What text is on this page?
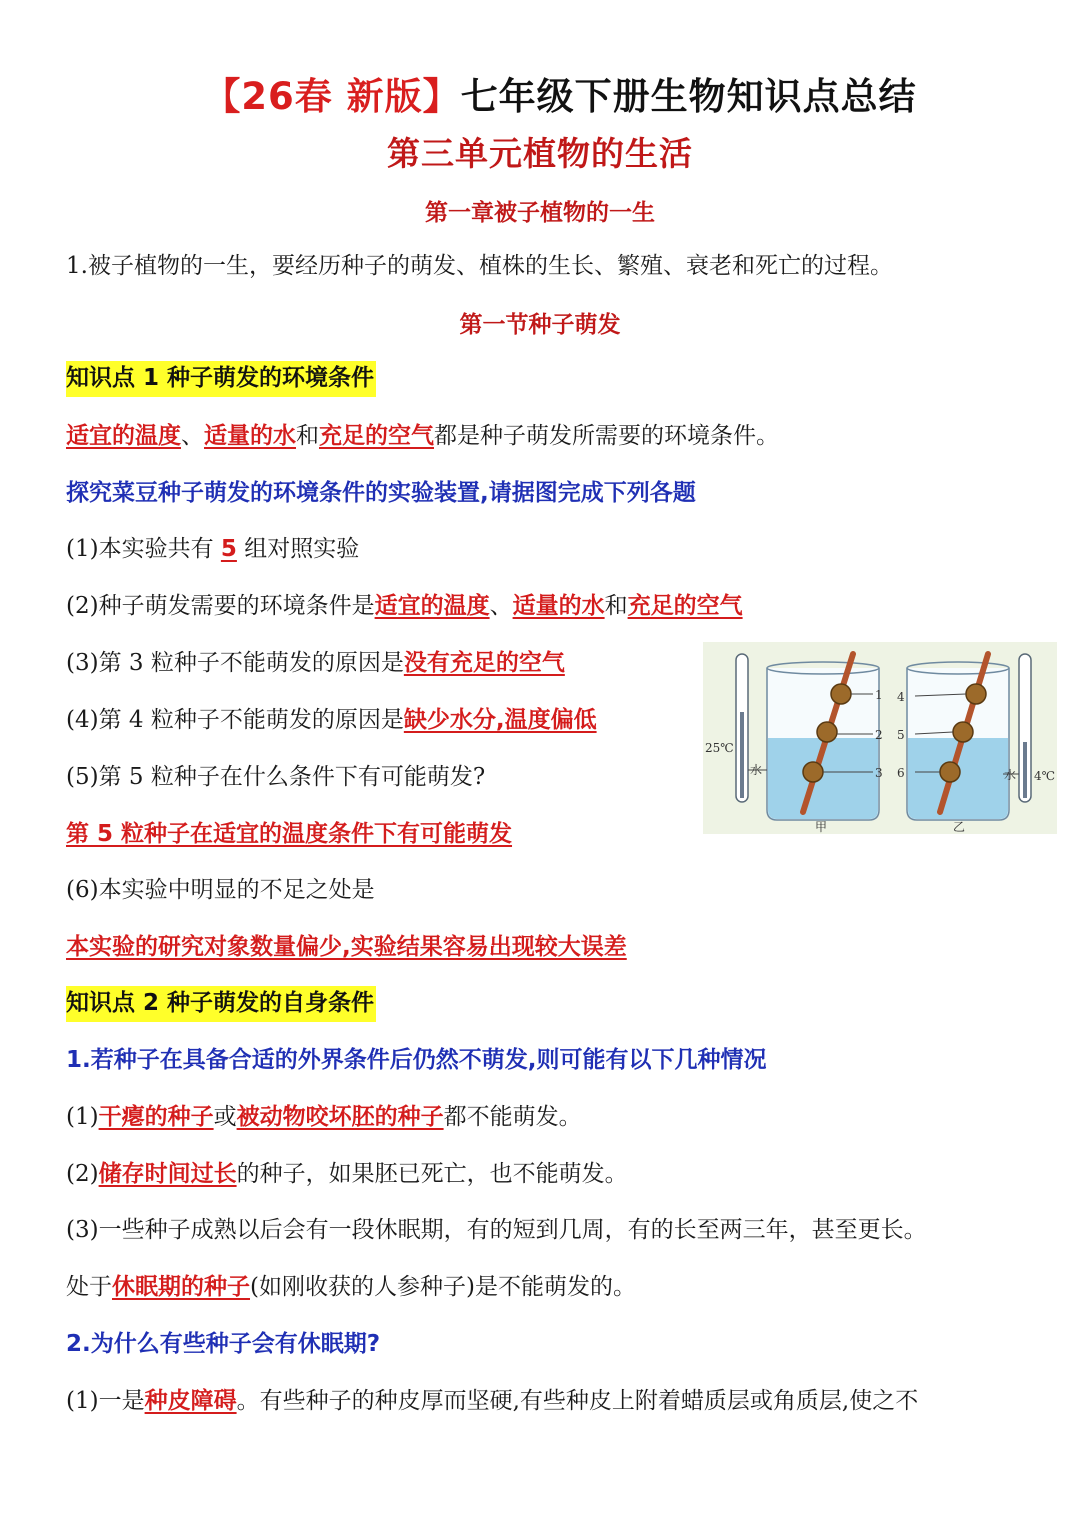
【26春 新版】七年级下册生物知识点总结
第三单元植物的生活
第一章被子植物的一生
1.被子植物的一生，要经历种子的萌发、植株的生长、繁殖、衰老和死亡的过程。
第一节种子萌发
知识点 1 种子萌发的环境条件
适宜的温度、适量的水和充足的空气都是种子萌发所需要的环境条件。
探究菜豆种子萌发的环境条件的实验装置,请据图完成下列各题
(1)本实验共有 5 组对照实验
(2)种子萌发需要的环境条件是适宜的温度、适量的水和充足的空气
(3)第 3 粒种子不能萌发的原因是没有充足的空气
(4)第 4 粒种子不能萌发的原因是缺少水分,温度偏低
(5)第 5 粒种子在什么条件下有可能萌发?
第 5 粒种子在适宜的温度条件下有可能萌发
(6)本实验中明显的不足之处是
本实验的研究对象数量偏少,实验结果容易出现较大误差
知识点 2 种子萌发的自身条件
1.若种子在具备合适的外界条件后仍然不萌发,则可能有以下几种情况
(1)干瘪的种子或被动物咬坏胚的种子都不能萌发。
(2)储存时间过长的种子，如果胚已死亡，也不能萌发。
(3)一些种子成熟以后会有一段休眠期，有的短到几周，有的长至两三年，甚至更长。
处于休眠期的种子(如刚收获的人参种子)是不能萌发的。
2.为什么有些种子会有休眠期?
(1)一是种皮障碍。有些种子的种皮厚而坚硬,有些种皮上附着蜡质层或角质层,使之不
25℃
4℃
1
2
3
水
甲
4
5
6	水
乙
